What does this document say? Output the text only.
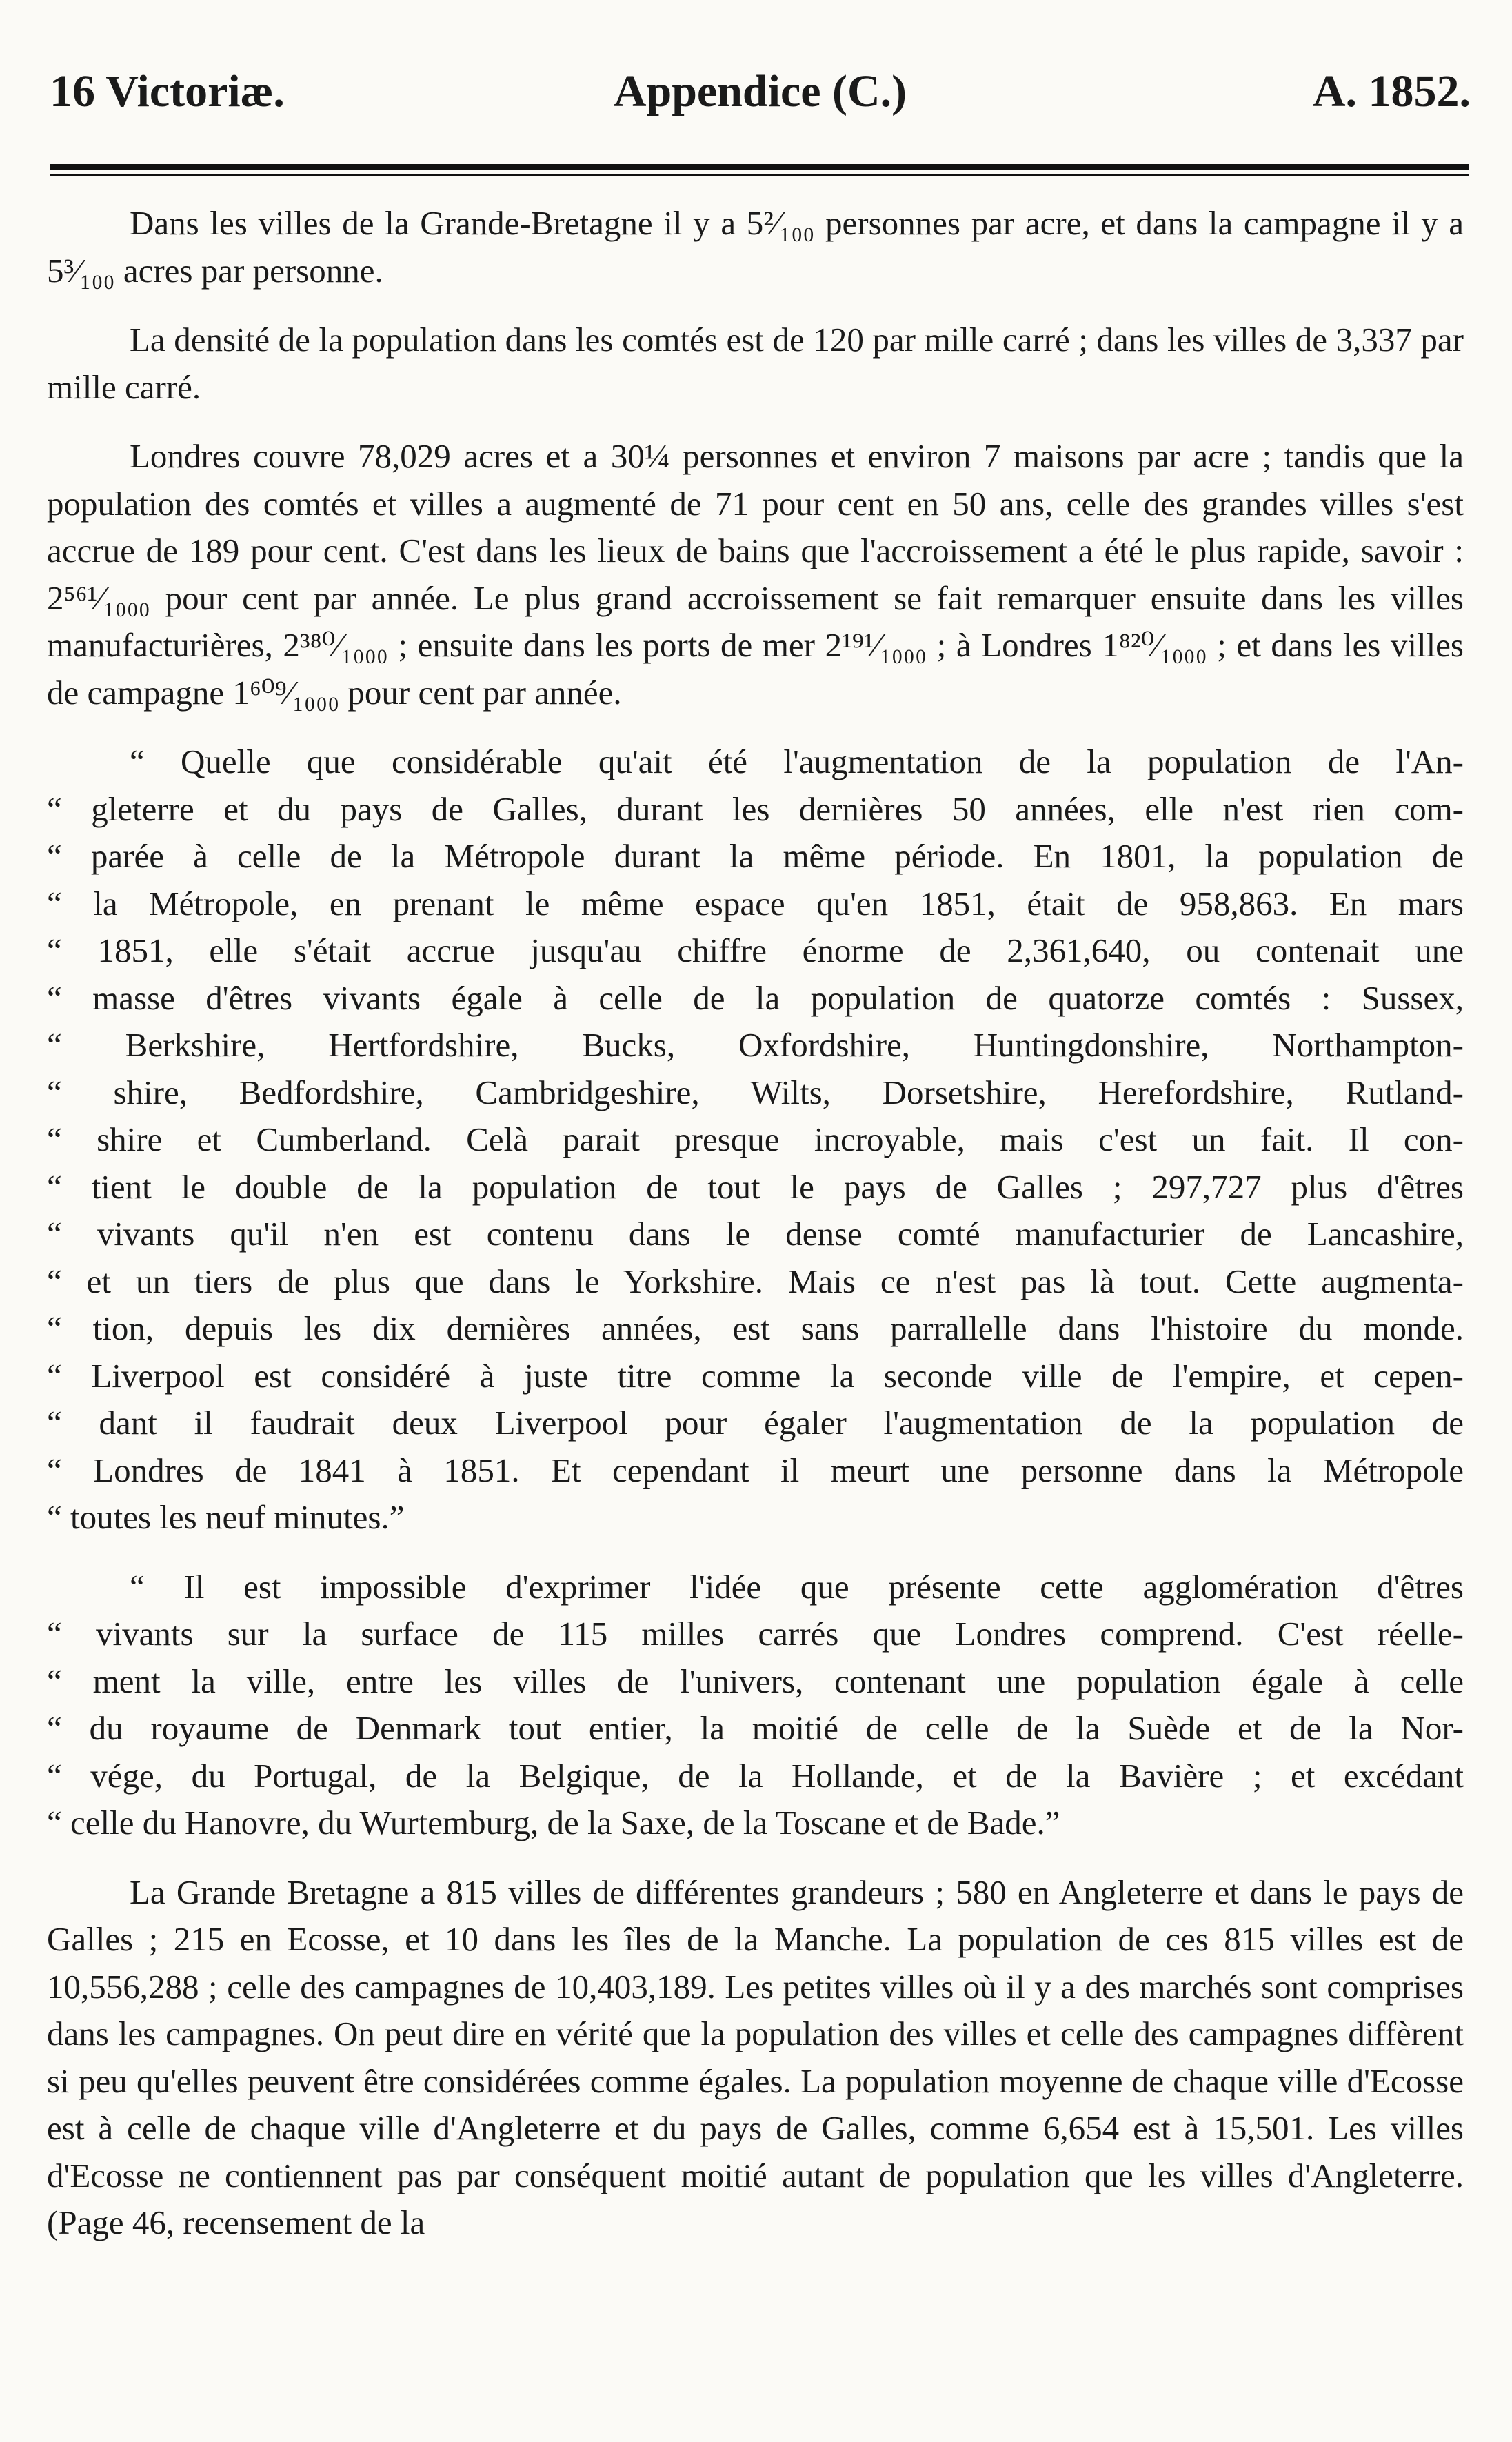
16 Victoriæ.	Appendice (C.)	A. 1852.

Dans les villes de la Grande-Bretagne il y a 5²⁄₁₀₀ personnes par acre, et dans la campagne il y a 5³⁄₁₀₀ acres par personne.

La densité de la population dans les comtés est de 120 par mille carré ; dans les villes de 3,337 par mille carré.

Londres couvre 78,029 acres et a 30¼ personnes et environ 7 maisons par acre ; tandis que la population des comtés et villes a augmenté de 71 pour cent en 50 ans, celle des grandes villes s'est accrue de 189 pour cent. C'est dans les lieux de bains que l'accroissement a été le plus rapide, savoir : 2⁵⁶¹⁄₁₀₀₀ pour cent par année. Le plus grand accroissement se fait remarquer ensuite dans les villes manufacturières, 2³⁸⁰⁄₁₀₀₀ ; ensuite dans les ports de mer 2¹⁹¹⁄₁₀₀₀ ; à Londres 1⁸²⁰⁄₁₀₀₀ ; et dans les villes de campagne 1⁶⁰⁹⁄₁₀₀₀ pour cent par année.

“ Quelle que considérable qu'ait été l'augmentation de la population de l'An-
“ gleterre et du pays de Galles, durant les dernières 50 années, elle n'est rien com-
“ parée à celle de la Métropole durant la même période. En 1801, la population de
“ la Métropole, en prenant le même espace qu'en 1851, était de 958,863. En mars
“ 1851, elle s'était accrue jusqu'au chiffre énorme de 2,361,640, ou contenait une
“ masse d'êtres vivants égale à celle de la population de quatorze comtés : Sussex,
“ Berkshire, Hertfordshire, Bucks, Oxfordshire, Huntingdonshire, Northampton-
“ shire, Bedfordshire, Cambridgeshire, Wilts, Dorsetshire, Herefordshire, Rutland-
“ shire et Cumberland. Celà parait presque incroyable, mais c'est un fait. Il con-
“ tient le double de la population de tout le pays de Galles ; 297,727 plus d'êtres
“ vivants qu'il n'en est contenu dans le dense comté manufacturier de Lancashire,
“ et un tiers de plus que dans le Yorkshire. Mais ce n'est pas là tout. Cette augmenta-
“ tion, depuis les dix dernières années, est sans parrallelle dans l'histoire du monde.
“ Liverpool est considéré à juste titre comme la seconde ville de l'empire, et cepen-
“ dant il faudrait deux Liverpool pour égaler l'augmentation de la population de
“ Londres de 1841 à 1851. Et cependant il meurt une personne dans la Métropole
“ toutes les neuf minutes.”
“ Il est impossible d'exprimer l'idée que présente cette agglomération d'êtres
“ vivants sur la surface de 115 milles carrés que Londres comprend. C'est réelle-
“ ment la ville, entre les villes de l'univers, contenant une population égale à celle
“ du royaume de Denmark tout entier, la moitié de celle de la Suède et de la Nor-
“ vége, du Portugal, de la Belgique, de la Hollande, et de la Bavière ; et excédant
“ celle du Hanovre, du Wurtemburg, de la Saxe, de la Toscane et de Bade.”

La Grande Bretagne a 815 villes de différentes grandeurs ; 580 en Angleterre et dans le pays de Galles ; 215 en Ecosse, et 10 dans les îles de la Manche. La population de ces 815 villes est de 10,556,288 ; celle des campagnes de 10,403,189. Les petites villes où il y a des marchés sont comprises dans les campagnes. On peut dire en vérité que la population des villes et celle des campagnes diffèrent si peu qu'elles peuvent être considérées comme égales. La population moyenne de chaque ville d'Ecosse est à celle de chaque ville d'Angleterre et du pays de Galles, comme 6,654 est à 15,501. Les villes d'Ecosse ne contiennent pas par conséquent moitié autant de population que les villes d'Angleterre. (Page 46, recensement de la
